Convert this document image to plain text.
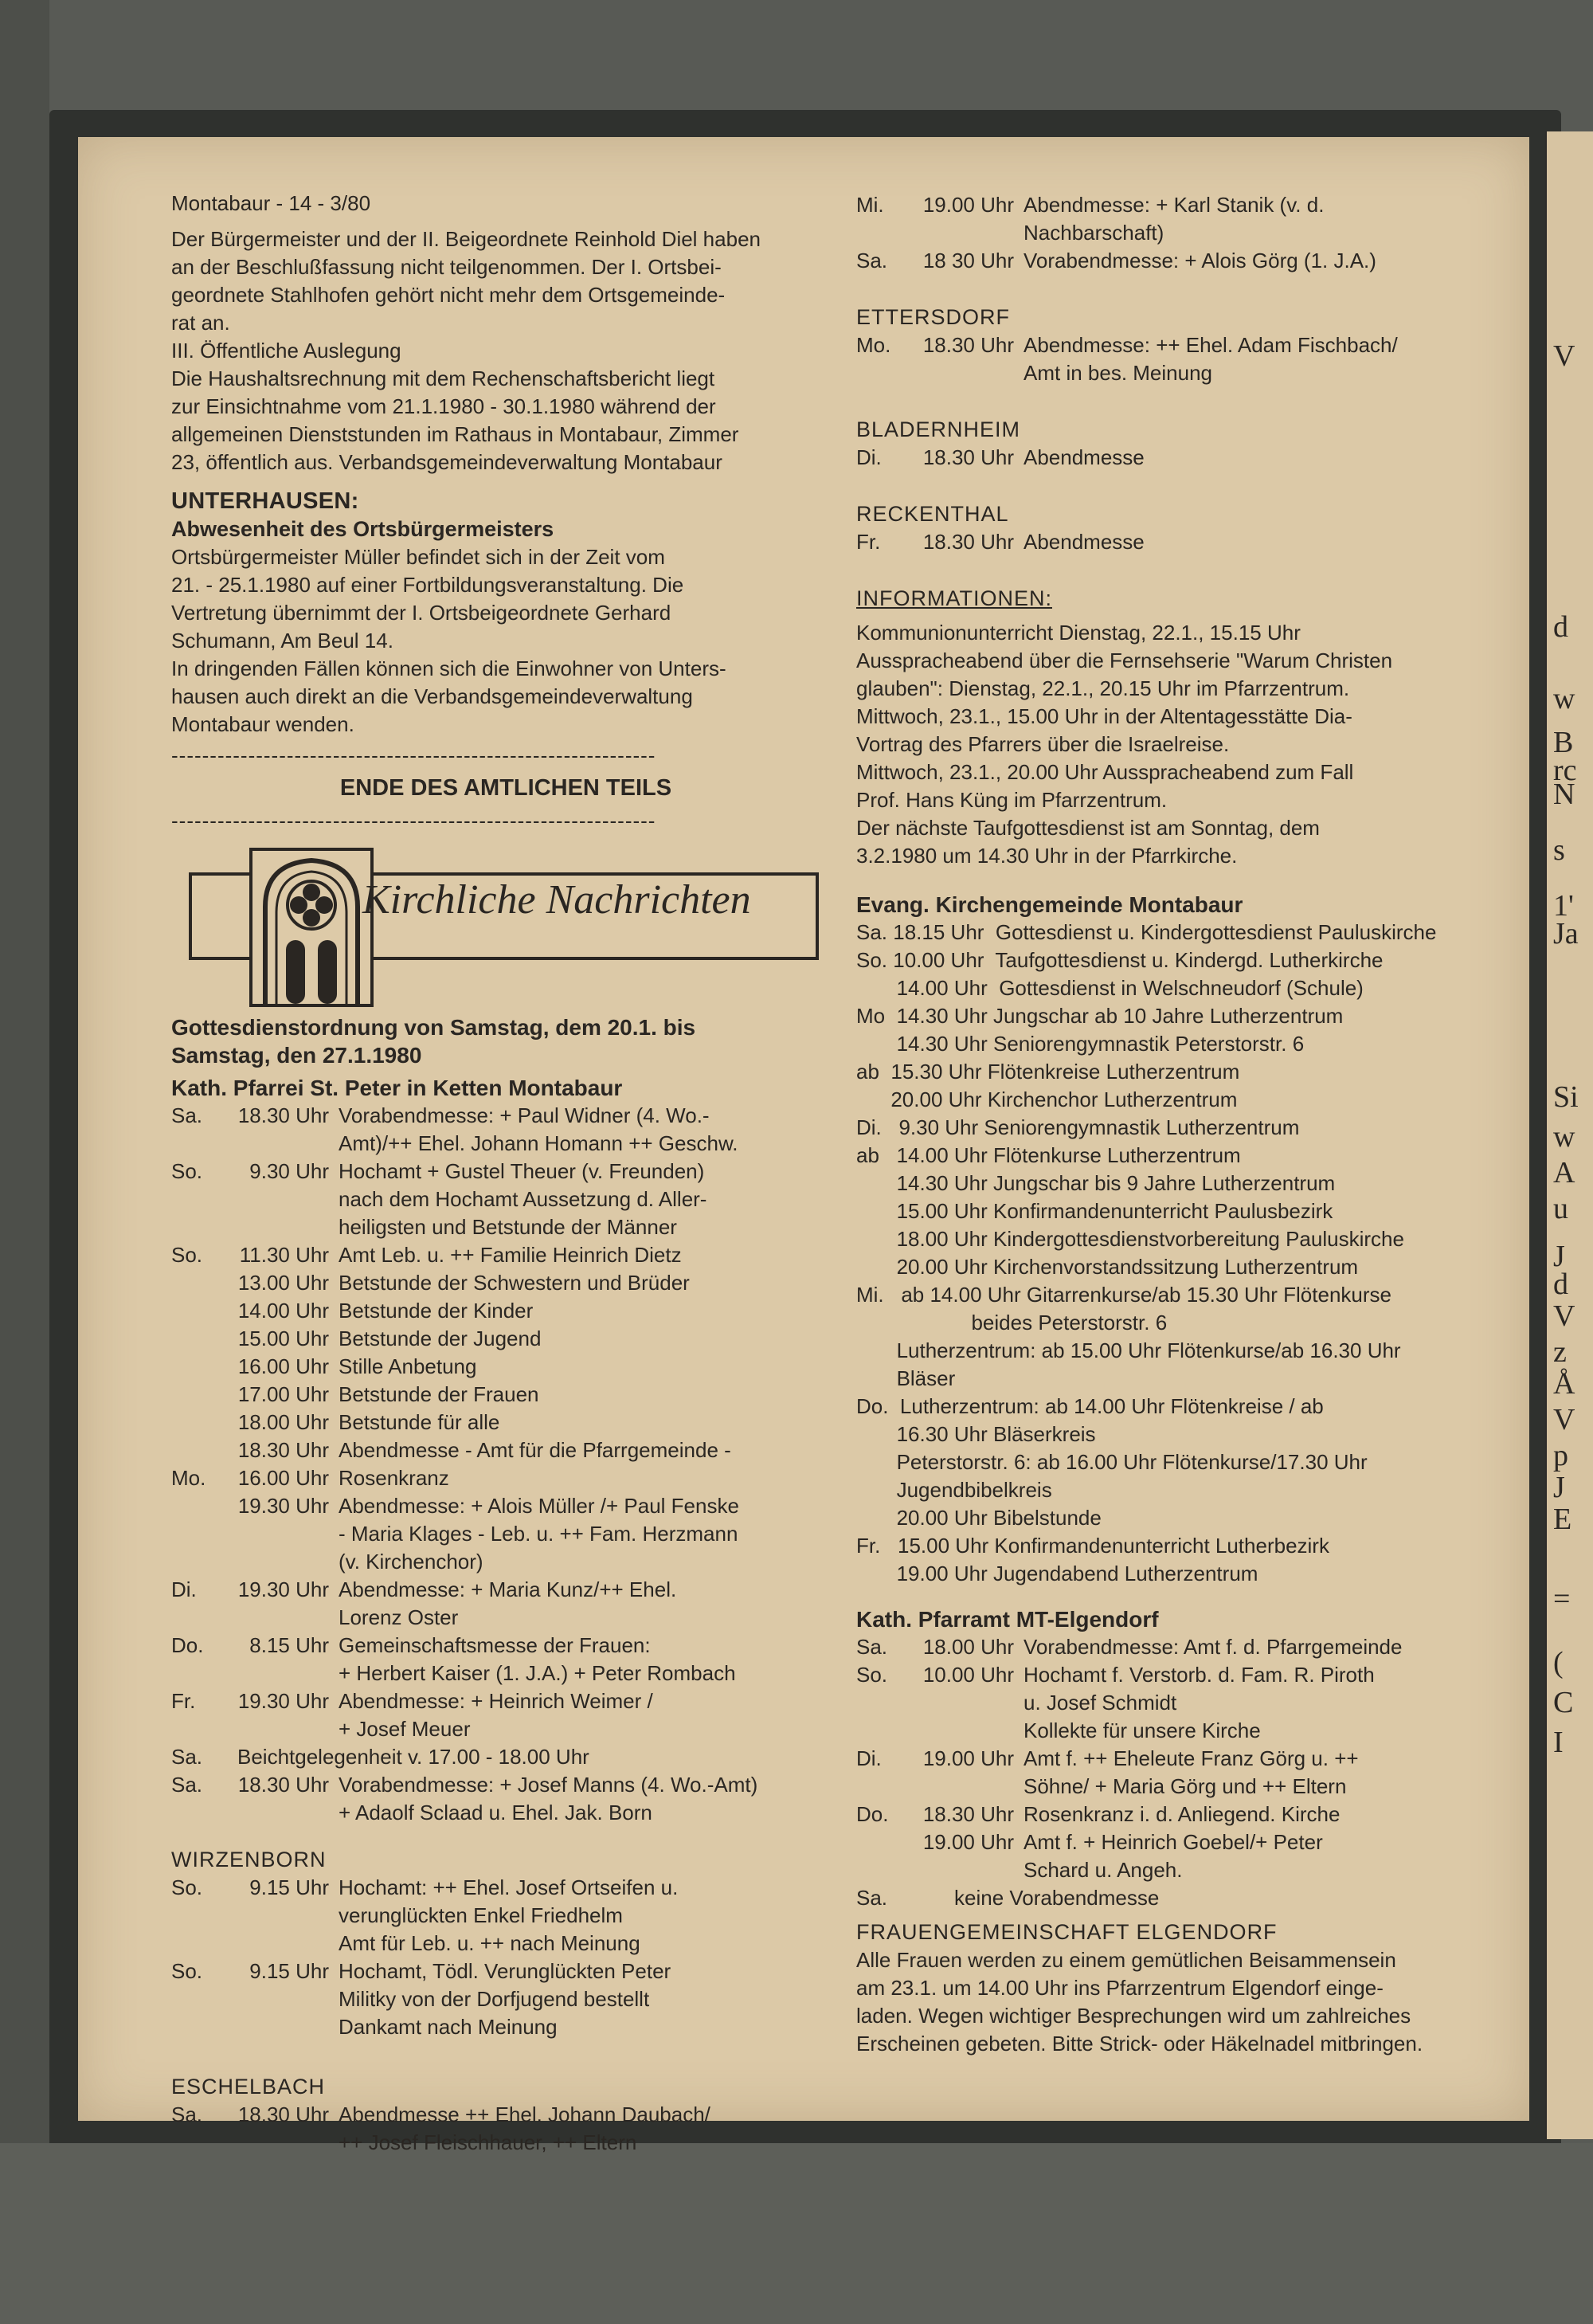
V
d
w
B
rc
N
s
1'
Ja
Si
w
A
u
J
d
V
z
Å
V
p
J
E
=
(
C
I
Montabaur - 14 - 3/80
Der Bürgermeister und der II. Beigeordnete Reinhold Diel haben
an der Beschlußfassung nicht teilgenommen. Der I. Ortsbei-
geordnete Stahlhofen gehört nicht mehr dem Ortsgemeinde-
rat an.
III. Öffentliche Auslegung
Die Haushaltsrechnung mit dem Rechenschaftsbericht liegt
zur Einsichtnahme vom 21.1.1980 - 30.1.1980 während der
allgemeinen Dienststunden im Rathaus in Montabaur, Zimmer
23, öffentlich aus. Verbandsgemeindeverwaltung Montabaur
UNTERHAUSEN:
Abwesenheit des Ortsbürgermeisters
Ortsbürgermeister Müller befindet sich in der Zeit vom
21. - 25.1.1980 auf einer Fortbildungsveranstaltung. Die
Vertretung übernimmt der I. Ortsbeigeordnete Gerhard
Schumann, Am Beul 14.
In dringenden Fällen können sich die Einwohner von Unters-
hausen auch direkt an die Verbandsgemeindeverwaltung
Montabaur wenden.
---------------------------------------------------------------
ENDE DES AMTLICHEN TEILS
---------------------------------------------------------------
Kirchliche Nachrichten
Gottesdienstordnung von Samstag, dem 20.1. bis
Samstag, den 27.1.1980
Kath. Pfarrei St. Peter in Ketten Montabaur
Sa.	18.30 Uhr Vorabendmesse: + Paul Widner (4. Wo.-
Amt)/++ Ehel. Johann Homann ++ Geschw.
So.	9.30 Uhr Hochamt + Gustel Theuer (v. Freunden)
nach dem Hochamt Aussetzung d. Aller-
heiligsten und Betstunde der Männer
So.	11.30 Uhr Amt Leb. u. ++ Familie Heinrich Dietz
13.00 Uhr Betstunde der Schwestern und Brüder
14.00 Uhr Betstunde der Kinder
15.00 Uhr Betstunde der Jugend
16.00 Uhr Stille Anbetung
17.00 Uhr Betstunde der Frauen
18.00 Uhr Betstunde für alle
18.30 Uhr Abendmesse - Amt für die Pfarrgemeinde -
Mo.	16.00 Uhr Rosenkranz
19.30 Uhr Abendmesse: + Alois Müller /+ Paul Fenske
- Maria Klages - Leb. u. ++ Fam. Herzmann
(v. Kirchenchor)
Di.	19.30 Uhr Abendmesse: + Maria Kunz/++ Ehel.
Lorenz Oster
Do.	8.15 Uhr Gemeinschaftsmesse der Frauen:
+ Herbert Kaiser (1. J.A.) + Peter Rombach
Fr.	19.30 Uhr Abendmesse: + Heinrich Weimer /
+ Josef Meuer
Sa.	Beichtgelegenheit v. 17.00 - 18.00 Uhr
Sa.	18.30 Uhr Vorabendmesse: + Josef Manns (4. Wo.-Amt)
+ Adaolf Sclaad u. Ehel. Jak. Born
WIRZENBORN
So.	9.15 Uhr Hochamt: ++ Ehel. Josef Ortseifen u.
verunglückten Enkel Friedhelm
Amt für Leb. u. ++ nach Meinung
So.	9.15 Uhr Hochamt, Tödl. Verunglückten Peter
Militky von der Dorfjugend bestellt
Dankamt nach Meinung
ESCHELBACH
Sa.	18.30 Uhr Abendmesse ++ Ehel. Johann Daubach/
++ Josef Fleischhauer, ++ Eltern
Mi.	19.00 Uhr Abendmesse: + Karl Stanik (v. d.
Nachbarschaft)
Sa.	18 30 Uhr Vorabendmesse: + Alois Görg (1. J.A.)
ETTERSDORF
Mo.	18.30 Uhr Abendmesse: ++ Ehel. Adam Fischbach/
Amt in bes. Meinung
BLADERNHEIM
Di.	18.30 Uhr Abendmesse
RECKENTHAL
Fr.	18.30 Uhr Abendmesse
INFORMATIONEN:
Kommunionunterricht Dienstag, 22.1., 15.15 Uhr
Ausspracheabend über die Fernsehserie "Warum Christen
glauben": Dienstag, 22.1., 20.15 Uhr im Pfarrzentrum.
Mittwoch, 23.1., 15.00 Uhr in der Altentagesstätte Dia-
Vortrag des Pfarrers über die Israelreise.
Mittwoch, 23.1., 20.00 Uhr Ausspracheabend zum Fall
Prof. Hans Küng im Pfarrzentrum.
Der nächste Taufgottesdienst ist am Sonntag, dem
3.2.1980 um 14.30 Uhr in der Pfarrkirche.
Evang. Kirchengemeinde Montabaur
Sa. 18.15 Uhr  Gottesdienst u. Kindergottesdienst Pauluskirche
So. 10.00 Uhr  Taufgottesdienst u. Kindergd. Lutherkirche
14.00 Uhr  Gottesdienst in Welschneudorf (Schule)
Mo  14.30 Uhr Jungschar ab 10 Jahre Lutherzentrum
14.30 Uhr Seniorengymnastik Peterstorstr. 6
ab  15.30 Uhr Flötenkreise Lutherzentrum
20.00 Uhr Kirchenchor Lutherzentrum
Di.   9.30 Uhr Seniorengymnastik Lutherzentrum
ab   14.00 Uhr Flötenkurse Lutherzentrum
14.30 Uhr Jungschar bis 9 Jahre Lutherzentrum
15.00 Uhr Konfirmandenunterricht Paulusbezirk
18.00 Uhr Kindergottesdienstvorbereitung Pauluskirche
20.00 Uhr Kirchenvorstandssitzung Lutherzentrum
Mi.   ab 14.00 Uhr Gitarrenkurse/ab 15.30 Uhr Flötenkurse
beides Peterstorstr. 6
Lutherzentrum: ab 15.00 Uhr Flötenkurse/ab 16.30 Uhr
Bläser
Do.  Lutherzentrum: ab 14.00 Uhr Flötenkreise / ab
16.30 Uhr Bläserkreis
Peterstorstr. 6: ab 16.00 Uhr Flötenkurse/17.30 Uhr
Jugendbibelkreis
20.00 Uhr Bibelstunde
Fr.   15.00 Uhr Konfirmandenunterricht Lutherbezirk
19.00 Uhr Jugendabend Lutherzentrum
Kath. Pfarramt MT-Elgendorf
Sa.	18.00 Uhr Vorabendmesse: Amt f. d. Pfarrgemeinde
So.	10.00 Uhr Hochamt f. Verstorb. d. Fam. R. Piroth
u. Josef Schmidt
Kollekte für unsere Kirche
Di.	19.00 Uhr Amt f. ++ Eheleute Franz Görg u. ++
Söhne/ + Maria Görg und ++ Eltern
Do.	18.30 Uhr Rosenkranz i. d. Anliegend. Kirche
19.00 Uhr Amt f. + Heinrich Goebel/+ Peter
Schard u. Angeh.
Sa.	keine Vorabendmesse
FRAUENGEMEINSCHAFT ELGENDORF
Alle Frauen werden zu einem gemütlichen Beisammensein
am 23.1. um 14.00 Uhr ins Pfarrzentrum Elgendorf einge-
laden. Wegen wichtiger Besprechungen wird um zahlreiches
Erscheinen gebeten. Bitte Strick- oder Häkelnadel mitbringen.
